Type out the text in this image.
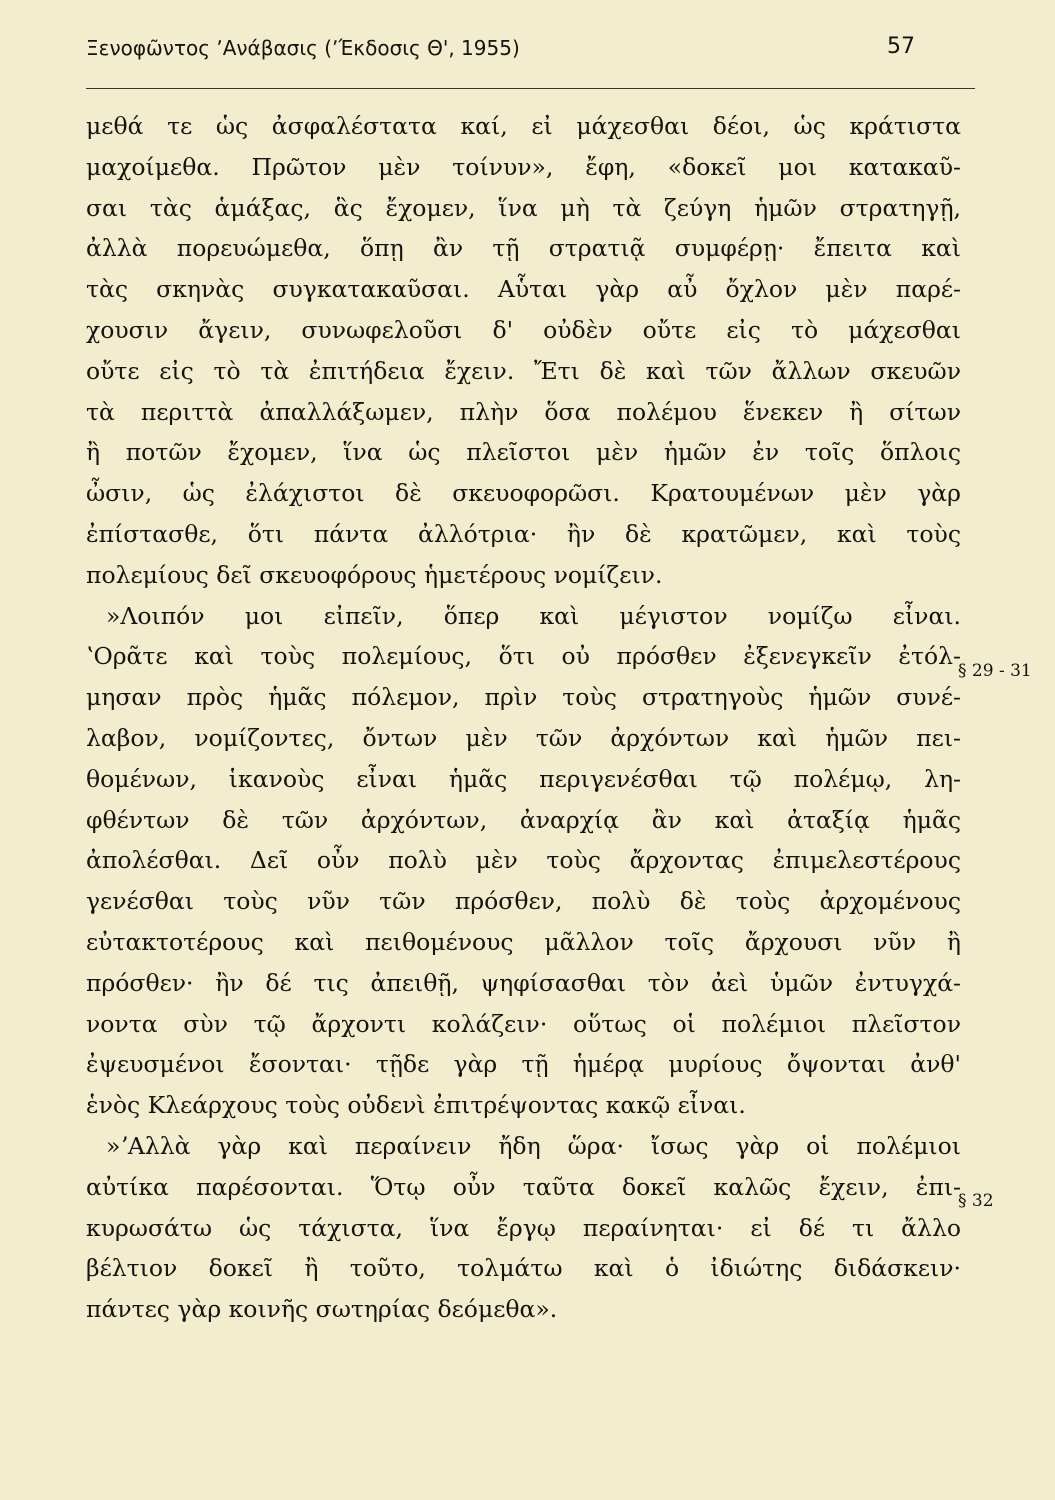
Ξενοφῶντος ʼΑνάβασις (ʼΈκδοσις Θ', 1955)	57
μεθά τε ὡς ἀσφαλέστατα καί, εἰ μάχεσθαι δέοι, ὡς κράτιστα
μαχοίμεθα. Πρῶτον μὲν τοίνυν», ἔφη, «δοκεῖ μοι κατακαῦ-
σαι τὰς ἁμάξας, ἃς ἔχομεν, ἵνα μὴ τὰ ζεύγη ἡμῶν στρατηγῇ,
ἀλλὰ πορευώμεθα, ὅπῃ ἂν τῇ στρατιᾷ συμφέρῃ· ἔπειτα καὶ
τὰς σκηνὰς συγκατακαῦσαι. Αὗται γὰρ αὖ ὄχλον μὲν παρέ-
χουσιν ἄγειν, συνωφελοῦσι δ' οὐδὲν οὔτε εἰς τὸ μάχεσθαι
οὔτε εἰς τὸ τὰ ἐπιτήδεια ἔχειν. Ἔτι δὲ καὶ τῶν ἄλλων σκευῶν
τὰ περιττὰ ἀπαλλάξωμεν, πλὴν ὅσα πολέμου ἕνεκεν ἢ σίτων
ἢ ποτῶν ἔχομεν, ἵνα ὡς πλεῖστοι μὲν ἡμῶν ἐν τοῖς ὅπλοις
ὦσιν, ὡς ἐλάχιστοι δὲ σκευοφορῶσι. Κρατουμένων μὲν γὰρ
ἐπίστασθε, ὅτι πάντα ἀλλότρια· ἢν δὲ κρατῶμεν, καὶ τοὺς
πολεμίους δεῖ σκευοφόρους ἡμετέρους νομίζειν.
»Λοιπόν μοι εἰπεῖν, ὅπερ καὶ μέγιστον νομίζω εἶναι.
ʽΟρᾶτε καὶ τοὺς πολεμίους, ὅτι οὐ πρόσθεν ἐξενεγκεῖν ἐτόλ-
μησαν πρὸς ἡμᾶς πόλεμον, πρὶν τοὺς στρατηγοὺς ἡμῶν συνέ-
λαβον, νομίζοντες, ὄντων μὲν τῶν ἀρχόντων καὶ ἡμῶν πει-
θομένων, ἱκανοὺς εἶναι ἡμᾶς περιγενέσθαι τῷ πολέμῳ, λη-
φθέντων δὲ τῶν ἀρχόντων, ἀναρχίᾳ ἂν καὶ ἀταξίᾳ ἡμᾶς
ἀπολέσθαι. Δεῖ οὖν πολὺ μὲν τοὺς ἄρχοντας ἐπιμελεστέρους
γενέσθαι τοὺς νῦν τῶν πρόσθεν, πολὺ δὲ τοὺς ἀρχομένους
εὐτακτοτέρους καὶ πειθομένους μᾶλλον τοῖς ἄρχουσι νῦν ἢ
πρόσθεν· ἢν δέ τις ἀπειθῇ, ψηφίσασθαι τὸν ἀεὶ ὑμῶν ἐντυγχά-
νοντα σὺν τῷ ἄρχοντι κολάζειν· οὕτως οἱ πολέμιοι πλεῖστον
ἐψευσμένοι ἔσονται· τῇδε γὰρ τῇ ἡμέρᾳ μυρίους ὄψονται ἀνθ'
ἑνὸς Κλεάρχους τοὺς οὐδενὶ ἐπιτρέψοντας κακῷ εἶναι.
»ʼΑλλὰ γὰρ καὶ περαίνειν ἤδη ὥρα· ἴσως γὰρ οἱ πολέμιοι
αὐτίκα παρέσονται. Ὅτῳ οὖν ταῦτα δοκεῖ καλῶς ἔχειν, ἐπι-
κυρωσάτω ὡς τάχιστα, ἵνα ἔργῳ περαίνηται· εἰ δέ τι ἄλλο
βέλτιον δοκεῖ ἢ τοῦτο, τολμάτω καὶ ὁ ἰδιώτης διδάσκειν·
πάντες γὰρ κοινῆς σωτηρίας δεόμεθα».
§ 29 - 31
§ 32
